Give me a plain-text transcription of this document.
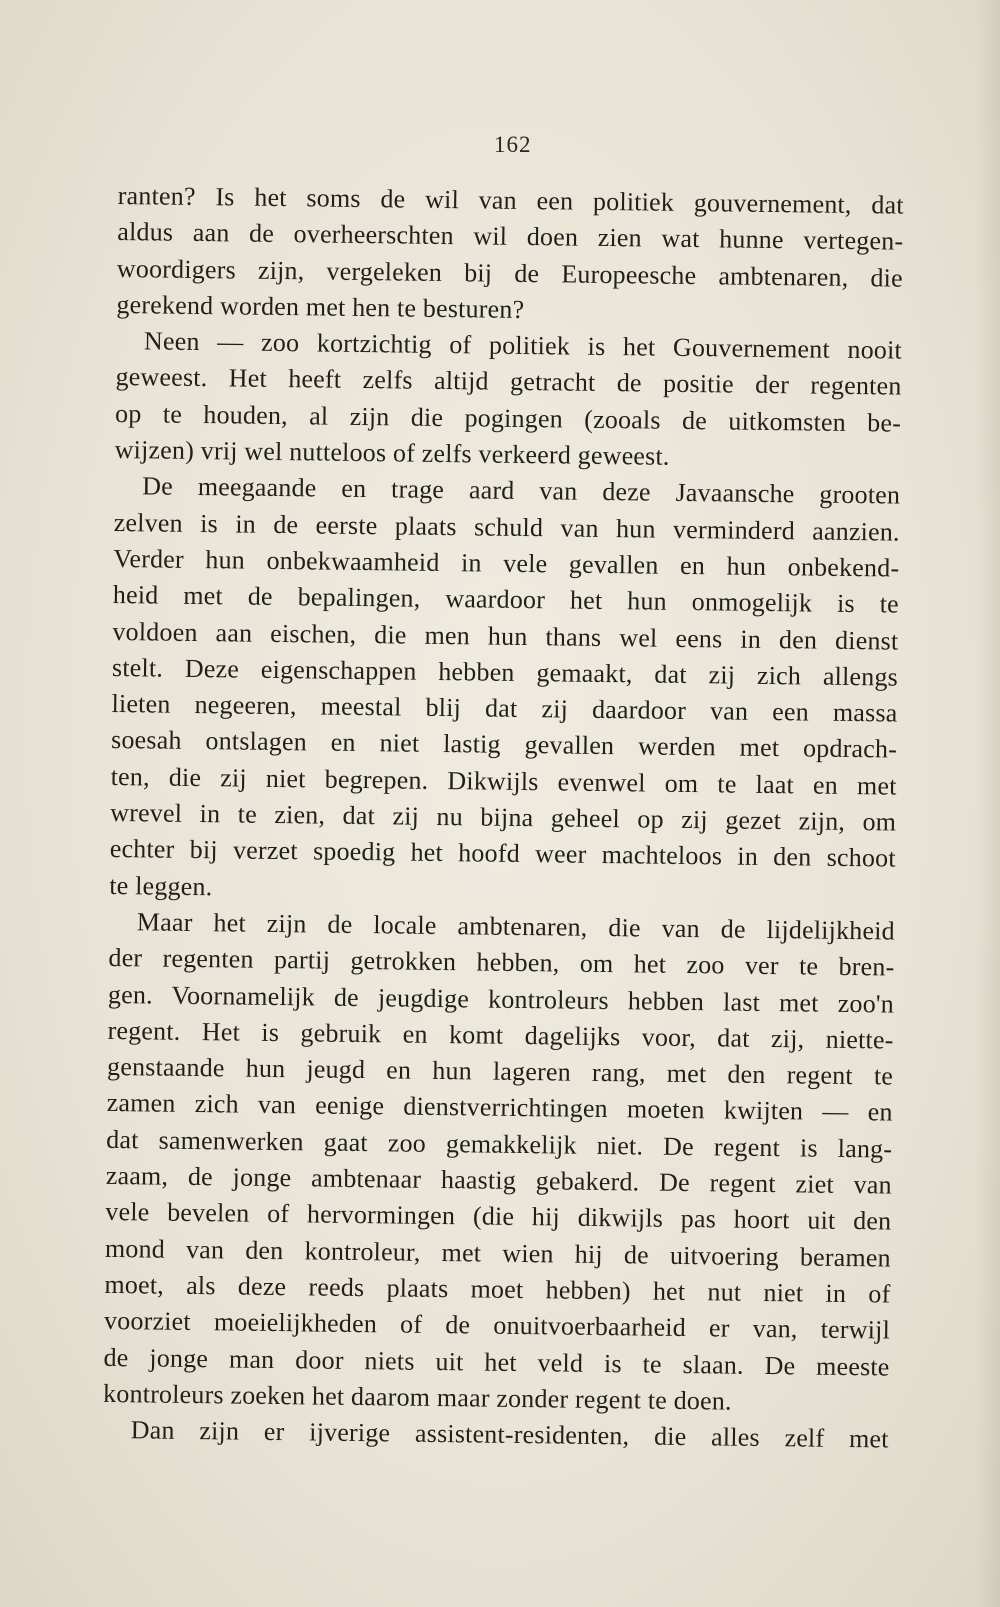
162
ranten? Is het soms de wil van een politiek gouvernement, dat
aldus aan de overheerschten wil doen zien wat hunne vertegen-
woordigers zijn, vergeleken bij de Europeesche ambtenaren, die
gerekend worden met hen te besturen?
Neen — zoo kortzichtig of politiek is het Gouvernement nooit
geweest. Het heeft zelfs altijd getracht de positie der regenten
op te houden, al zijn die pogingen (zooals de uitkomsten be-
wijzen) vrij wel nutteloos of zelfs verkeerd geweest.
De meegaande en trage aard van deze Javaansche grooten
zelven is in de eerste plaats schuld van hun verminderd aanzien.
Verder hun onbekwaamheid in vele gevallen en hun onbekend-
heid met de bepalingen, waardoor het hun onmogelijk is te
voldoen aan eischen, die men hun thans wel eens in den dienst
stelt. Deze eigenschappen hebben gemaakt, dat zij zich allengs
lieten negeeren, meestal blij dat zij daardoor van een massa
soesah ontslagen en niet lastig gevallen werden met opdrach-
ten, die zij niet begrepen. Dikwijls evenwel om te laat en met
wrevel in te zien, dat zij nu bijna geheel op zij gezet zijn, om
echter bij verzet spoedig het hoofd weer machteloos in den schoot
te leggen.
Maar het zijn de locale ambtenaren, die van de lijdelijkheid
der regenten partij getrokken hebben, om het zoo ver te bren-
gen. Voornamelijk de jeugdige kontroleurs hebben last met zoo'n
regent. Het is gebruik en komt dagelijks voor, dat zij, niette-
genstaande hun jeugd en hun lageren rang, met den regent te
zamen zich van eenige dienstverrichtingen moeten kwijten — en
dat samenwerken gaat zoo gemakkelijk niet. De regent is lang-
zaam, de jonge ambtenaar haastig gebakerd. De regent ziet van
vele bevelen of hervormingen (die hij dikwijls pas hoort uit den
mond van den kontroleur, met wien hij de uitvoering beramen
moet, als deze reeds plaats moet hebben) het nut niet in of
voorziet moeielijkheden of de onuitvoerbaarheid er van, terwijl
de jonge man door niets uit het veld is te slaan. De meeste
kontroleurs zoeken het daarom maar zonder regent te doen.
Dan zijn er ijverige assistent-residenten, die alles zelf met
